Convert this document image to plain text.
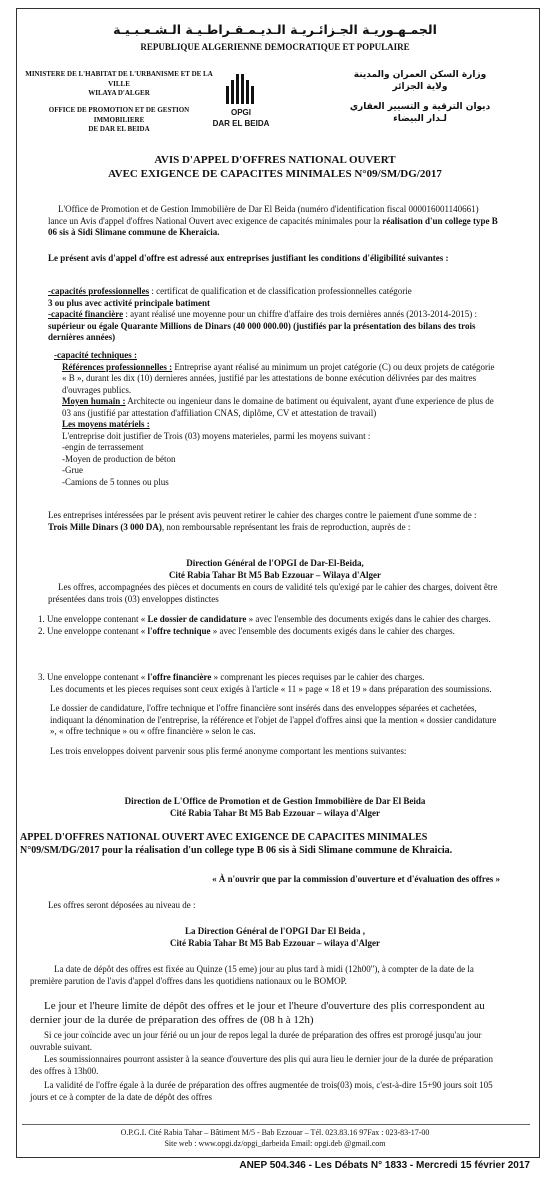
الجمـهـوريـة الجـزائـريـة الـديـمـقـراطـيـة الـشـعـبـيـة
REPUBLIQUE ALGERIENNE DEMOCRATIQUE ET POPULAIRE

MINISTERE DE L'HABITAT DE L'URBANISME ET DE LA VILLE

WILAYA D'ALGER

OFFICE DE PROMOTION ET DE GESTION IMMOBILIERE

DE DAR EL BEIDA

OPGI

DAR EL BEIDA

وزارة السكن العمران والمدينة

ولاية الجزائر

ديوان الترقية و التسيير العقاري

لـدار البيضاء

AVIS D'APPEL D'OFFRES NATIONAL OUVERT

AVEC EXIGENCE DE CAPACITES MINIMALES N°09/SM/DG/2017

L'Office de Promotion et de Gestion Immobilière de Dar El Beida (numéro d'identification fiscal 000016001140661) lance un Avis d'appel d'offres National Ouvert avec exigence de capacités minimales pour la réalisation d'un college type B 06 sis à Sidi Slimane commune de Kheraicia.

Le présent avis d'appel d'offre est adressé aux entreprises justifiant les conditions d'éligibilité suivantes :

-capacités professionnelles : certificat de qualification et de classification professionnelles catégorie

3 ou plus avec activité principale batiment

-capacité financière : ayant réalisé une moyenne pour un chiffre d'affaire des trois dernières annés (2013-2014-2015) : supérieur ou égale Quarante Millions de Dinars (40 000 000.00) (justifiés par la présentation des bilans des trois dernières années)

-capacité techniques :

Références professionnelles : Entreprise ayant réalisé au minimum un projet catégorie (C) ou deux projets de catégorie « B », durant les dix (10) dernieres années, justifié par les attestations de bonne exécution délivrées par des maitres d'ouvrages publics.

Moyen humain : Architecte ou ingenieur dans le domaine de batiment ou équivalent, ayant d'une experience de plus de 03 ans (justifié par attestation d'affiliation CNAS, diplôme, CV et attestation de travail)

Les moyens matériels :

L'entreprise doit justifier de Trois (03) moyens materieles, parmi les moyens suivant :

-engin de terrassement

-Moyen de production de béton

-Grue

-Camions de 5 tonnes ou plus

Les entreprises intéressées par le présent avis peuvent retirer le cahier des charges contre le paiement d'une somme de : Trois Mille Dinars (3 000 DA), non remboursable représentant les frais de reproduction, auprès de :

Direction Général de l'OPGI de Dar-El-Beida,

Cité Rabia Tahar Bt M5 Bab Ezzouar – Wilaya d'Alger

Les offres, accompagnées des pièces et documents en cours de validité tels qu'exigé par le cahier des charges, doivent être présentées dans trois (03) enveloppes distinctes

1. Une enveloppe contenant « Le dossier de candidature » avec l'ensemble des documents exigés dans le cahier des charges.

2. Une enveloppe contenant « l'offre technique » avec l'ensemble des documents exigés dans le cahier des charges.

3. Une enveloppe contenant « l'offre financière » comprenant les pieces requises par le cahier des charges.

Les documents et les pieces requises sont ceux exigés à l'article « 11 » page « 18 et 19 » dans préparation des soumissions.

Le dossier de candidature, l'offre technique et l'offre financière sont insérés dans des enveloppes séparées et cachetées, indiquant la dénomination de l'entreprise, la référence et l'objet de l'appel d'offres ainsi que la mention « dossier candidature », « offre technique » ou « offre financière » selon le cas.

Les trois enveloppes doivent parvenir sous plis fermé anonyme comportant les mentions suivantes:

Direction de L'Office de Promotion et de Gestion Immobilière de Dar El Beida

Cité Rabia Tahar Bt M5 Bab Ezzouar – wilaya d'Alger

APPEL D'OFFRES NATIONAL OUVERT AVEC EXIGENCE DE CAPACITES MINIMALES N°09/SM/DG/2017 pour la réalisation d'un college type B 06 sis à Sidi Slimane commune de Khraicia.

« À n'ouvrir que par la commission d'ouverture et d'évaluation des offres »

Les offres seront déposées au niveau de :

La Direction Général de l'OPGI Dar El Beida ,

Cité Rabia Tahar Bt M5 Bab Ezzouar – wilaya d'Alger

La date de dépôt des offres est fixée au Quinze (15 eme) jour au plus tard à midi (12h00"), à compter de la date de la première parution de l'avis d'appel d'offres dans les quotidiens nationaux ou le BOMOP.

Le jour et l'heure limite de dépôt des offres et le jour et l'heure d'ouverture des plis correspondent au dernier jour de la durée de préparation des offres de (08 h à 12h)

Si ce jour coïncide avec un jour férié ou un jour de repos legal la durée de préparation des offres est prorogé jusqu'au jour ouvrable suivant.

Les soumissionnaires pourront assister à la seance d'ouverture des plis qui aura lieu le dernier jour de la durée de préparation des offres à 13h00.

La validité de l'offre égale à la durée de préparation des offres augmentée de trois(03) mois, c'est-à-dire 15+90 jours soit 105 jours et ce à compter de la date de dépôt des offres

O.P.G.I. Cité Rabia Tahar – Bâtiment M/5 - Bab Ezzouar – Tél. 023.83.16 97Fax : 023-83-17-00

Site web : www.opgi.dz/opgi_darbeida Email: opgi.deb @gmail.com

ANEP 504.346 - Les Débats N° 1833 - Mercredi 15 février 2017
